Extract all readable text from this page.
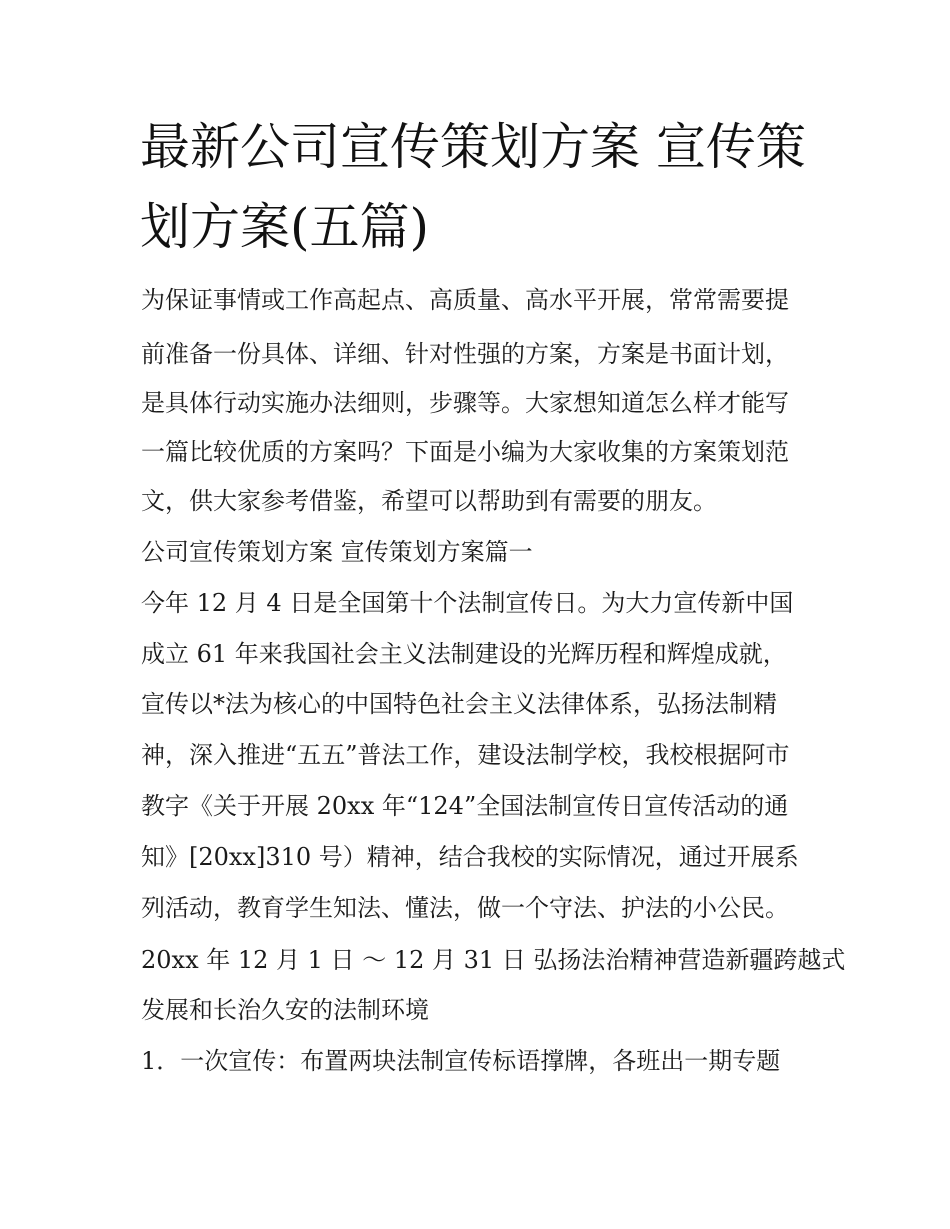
最新公司宣传策划方案 宣传策
划方案(五篇)

为保证事情或工作高起点、高质量、高水平开展，常常需要提

前准备一份具体、详细、针对性强的方案，方案是书面计划，

是具体行动实施办法细则，步骤等。大家想知道怎么样才能写

一篇比较优质的方案吗？下面是小编为大家收集的方案策划范

文，供大家参考借鉴，希望可以帮助到有需要的朋友。

公司宣传策划方案 宣传策划方案篇一

今年 12 月 4 日是全国第十个法制宣传日。为大力宣传新中国

成立 61 年来我国社会主义法制建设的光辉历程和辉煌成就，

宣传以*法为核心的中国特色社会主义法律体系，弘扬法制精

神，深入推进“五五”普法工作，建设法制学校，我校根据阿市

教字《关于开展 20xx 年“124”全国法制宣传日宣传活动的通

知》[20xx]310 号）精神，结合我校的实际情况，通过开展系

列活动，教育学生知法、懂法，做一个守法、护法的小公民。

20xx 年 12 月 1 日 ～ 12 月 31 日 弘扬法治精神营造新疆跨越式

发展和长治久安的法制环境

1．一次宣传：布置两块法制宣传标语撑牌，各班出一期专题
